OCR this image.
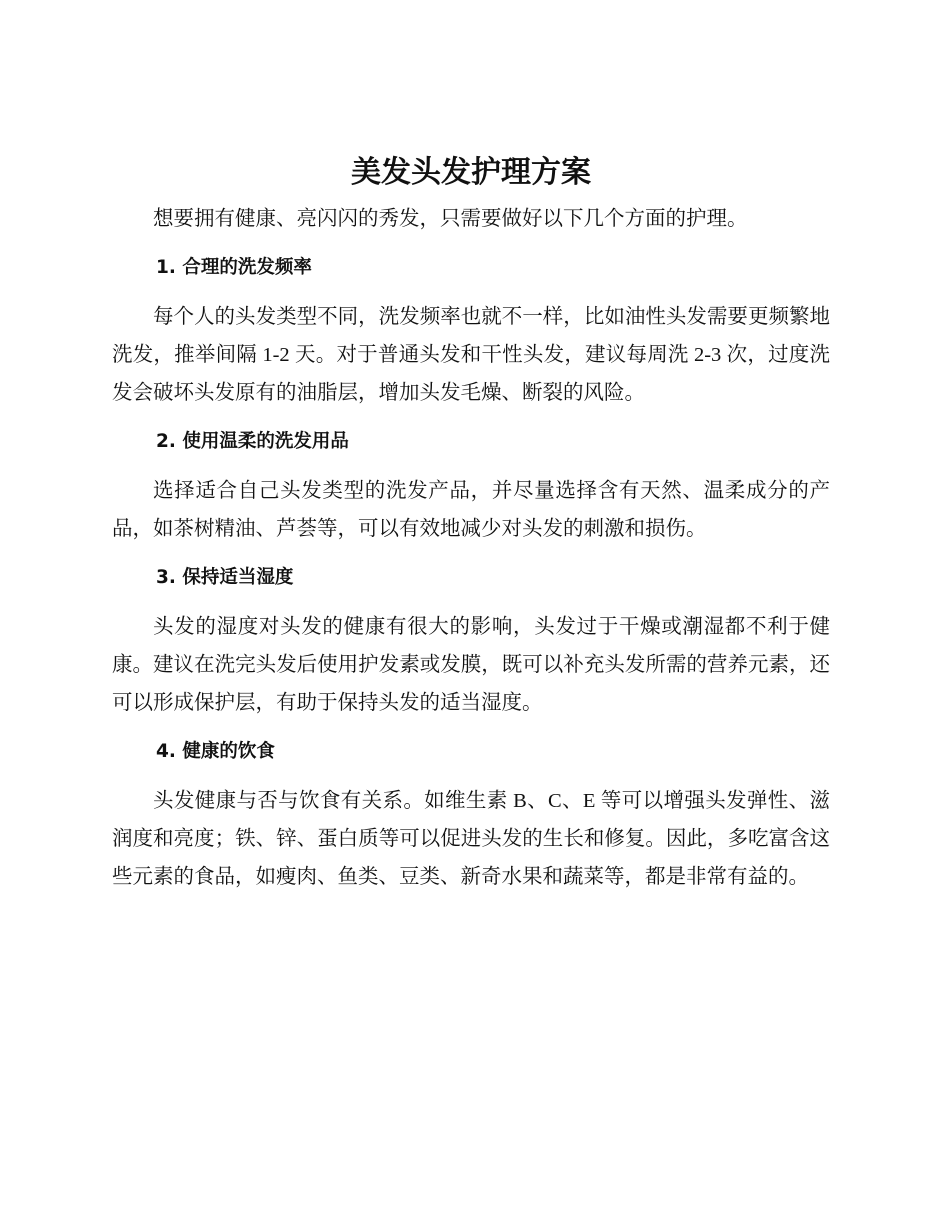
美发头发护理方案

想要拥有健康、亮闪闪的秀发，只需要做好以下几个方面的护理。

1. 合理的洗发频率

每个人的头发类型不同，洗发频率也就不一样，比如油性头发需要更频繁地洗发，推举间隔 1-2 天。对于普通头发和干性头发，建议每周洗 2-3 次，过度洗发会破坏头发原有的油脂层，增加头发毛燥、断裂的风险。

2. 使用温柔的洗发用品

选择适合自己头发类型的洗发产品，并尽量选择含有天然、温柔成分的产品，如茶树精油、芦荟等，可以有效地减少对头发的刺激和损伤。

3. 保持适当湿度

头发的湿度对头发的健康有很大的影响，头发过于干燥或潮湿都不利于健康。建议在洗完头发后使用护发素或发膜，既可以补充头发所需的营养元素，还可以形成保护层，有助于保持头发的适当湿度。

4. 健康的饮食

头发健康与否与饮食有关系。如维生素 B、C、E 等可以增强头发弹性、滋润度和亮度；铁、锌、蛋白质等可以促进头发的生长和修复。因此，多吃富含这些元素的食品，如瘦肉、鱼类、豆类、新奇水果和蔬菜等，都是非常有益的。
